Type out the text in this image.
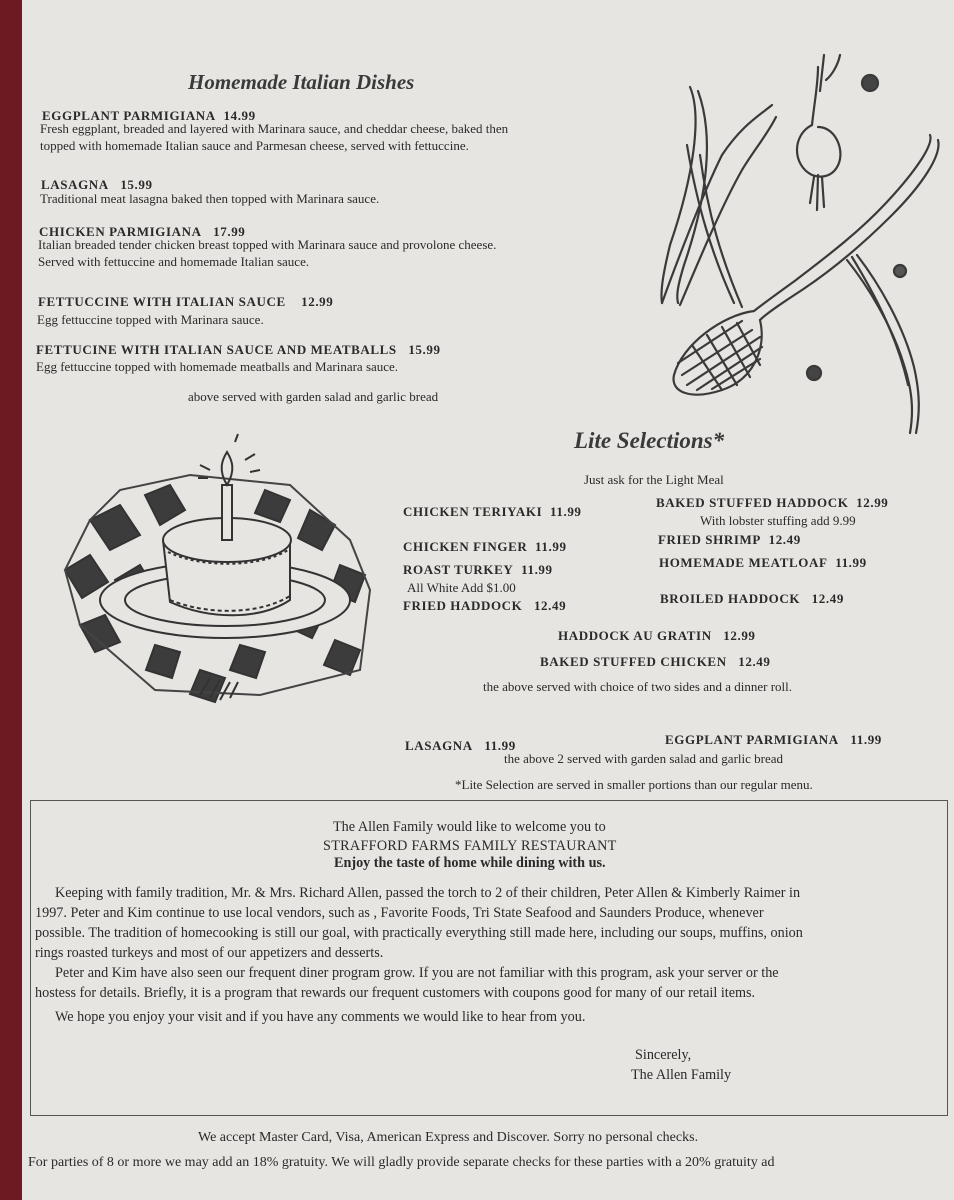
Homemade Italian Dishes
EGGPLANT PARMIGIANA 14.99
Fresh eggplant, breaded and layered with Marinara sauce, and cheddar cheese, baked then
topped with homemade Italian sauce and Parmesan cheese, served with fettuccine.
LASAGNA 15.99
Traditional meat lasagna baked then topped with Marinara sauce.
CHICKEN PARMIGIANA 17.99
Italian breaded tender chicken breast topped with Marinara sauce and provolone cheese.
Served with fettuccine and homemade Italian sauce.
FETTUCCINE WITH ITALIAN SAUCE 12.99
Egg fettuccine topped with Marinara sauce.
FETTUCINE WITH ITALIAN SAUCE AND MEATBALLS 15.99
Egg fettuccine topped with homemade meatballs and Marinara sauce.
above served with garden salad and garlic bread
Lite Selections*
Just ask for the Light Meal
CHICKEN TERIYAKI 11.99
CHICKEN FINGER 11.99
ROAST TURKEY 11.99
All White Add $1.00
FRIED HADDOCK 12.49
BAKED STUFFED HADDOCK 12.99
With lobster stuffing add 9.99
FRIED SHRIMP 12.49
HOMEMADE MEATLOAF 11.99
BROILED HADDOCK 12.49
HADDOCK AU GRATIN 12.99
BAKED STUFFED CHICKEN 12.49
the above served with choice of two sides and a dinner roll.
LASAGNA 11.99	EGGPLANT PARMIGIANA 11.99
the above 2 served with garden salad and garlic bread
*Lite Selection are served in smaller portions than our regular menu.
The Allen Family would like to welcome you to
STRAFFORD FARMS FAMILY RESTAURANT
Enjoy the taste of home while dining with us.
Keeping with family tradition, Mr. & Mrs. Richard Allen, passed the torch to 2 of their children, Peter Allen & Kimberly Raimer in
1997. Peter and Kim continue to use local vendors, such as , Favorite Foods, Tri State Seafood and Saunders Produce, whenever
possible. The tradition of homecooking is still our goal, with practically everything still made here, including our soups, muffins, onion
rings roasted turkeys and most of our appetizers and desserts.
Peter and Kim have also seen our frequent diner program grow. If you are not familiar with this program, ask your server or the
hostess for details. Briefly, it is a program that rewards our frequent customers with coupons good for many of our retail items.
We hope you enjoy your visit and if you have any comments we would like to hear from you.
Sincerely,
The Allen Family
We accept Master Card, Visa, American Express and Discover. Sorry no personal checks.
For parties of 8 or more we may add an 18% gratuity. We will gladly provide separate checks for these parties with a 20% gratuity ad
